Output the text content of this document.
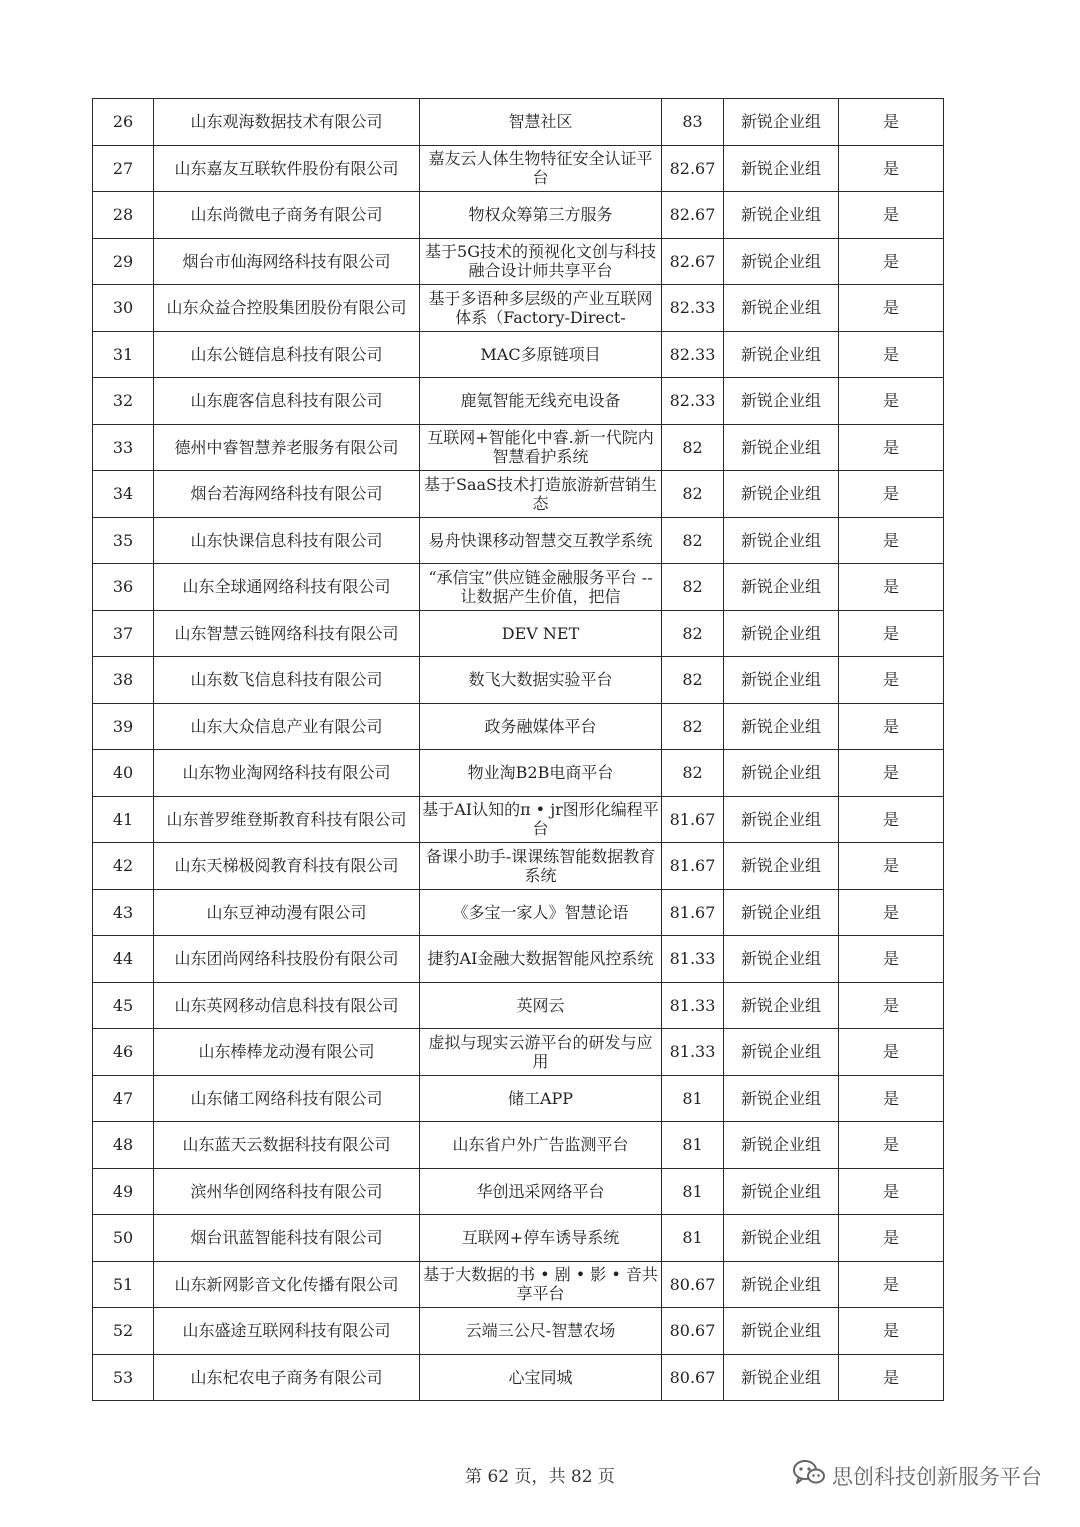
26	山东观海数据技术有限公司	智慧社区	83	新锐企业组	是

27	山东嘉友互联软件股份有限公司	嘉友云人体生物特征安全认证平台	82.67	新锐企业组	是

28	山东尚微电子商务有限公司	物权众筹第三方服务	82.67	新锐企业组	是

29	烟台市仙海网络科技有限公司	基于5G技术的预视化文创与科技融合设计师共享平台	82.67	新锐企业组	是

30	山东众益合控股集团股份有限公司	基于多语种多层级的产业互联网体系（Factory-Direct-	82.33	新锐企业组	是

31	山东公链信息科技有限公司	MAC多原链项目	82.33	新锐企业组	是

32	山东鹿客信息科技有限公司	鹿氪智能无线充电设备	82.33	新锐企业组	是

33	德州中睿智慧养老服务有限公司	互联网+智能化中睿.新一代院内智慧看护系统	82	新锐企业组	是

34	烟台若海网络科技有限公司	基于SaaS技术打造旅游新营销生态	82	新锐企业组	是

35	山东快课信息科技有限公司	易舟快课移动智慧交互教学系统	82	新锐企业组	是

36	山东全球通网络科技有限公司	“承信宝”供应链金融服务平台 --让数据产生价值，把信	82	新锐企业组	是

37	山东智慧云链网络科技有限公司	DEV NET	82	新锐企业组	是

38	山东数飞信息科技有限公司	数飞大数据实验平台	82	新锐企业组	是

39	山东大众信息产业有限公司	政务融媒体平台	82	新锐企业组	是

40	山东物业淘网络科技有限公司	物业淘B2B电商平台	82	新锐企业组	是

41	山东普罗维登斯教育科技有限公司	基于AI认知的π • jr图形化编程平台	81.67	新锐企业组	是

42	山东天梯极阅教育科技有限公司	备课小助手-课课练智能数据教育系统	81.67	新锐企业组	是

43	山东豆神动漫有限公司	《多宝一家人》智慧论语	81.67	新锐企业组	是

44	山东团尚网络科技股份有限公司	捷豹AI金融大数据智能风控系统	81.33	新锐企业组	是

45	山东英网移动信息科技有限公司	英网云	81.33	新锐企业组	是

46	山东棒棒龙动漫有限公司	虚拟与现实云游平台的研发与应用	81.33	新锐企业组	是

47	山东储工网络科技有限公司	储工APP	81	新锐企业组	是

48	山东蓝天云数据科技有限公司	山东省户外广告监测平台	81	新锐企业组	是

49	滨州华创网络科技有限公司	华创迅采网络平台	81	新锐企业组	是

50	烟台讯蓝智能科技有限公司	互联网+停车诱导系统	81	新锐企业组	是

51	山东新网影音文化传播有限公司	基于大数据的书 • 剧 • 影 • 音共享平台	80.67	新锐企业组	是

52	山东盛途互联网科技有限公司	云端三公尺-智慧农场	80.67	新锐企业组	是

53	山东杞农电子商务有限公司	心宝同城	80.67	新锐企业组	是
第 62 页，共 82 页	思创科技创新服务平台
